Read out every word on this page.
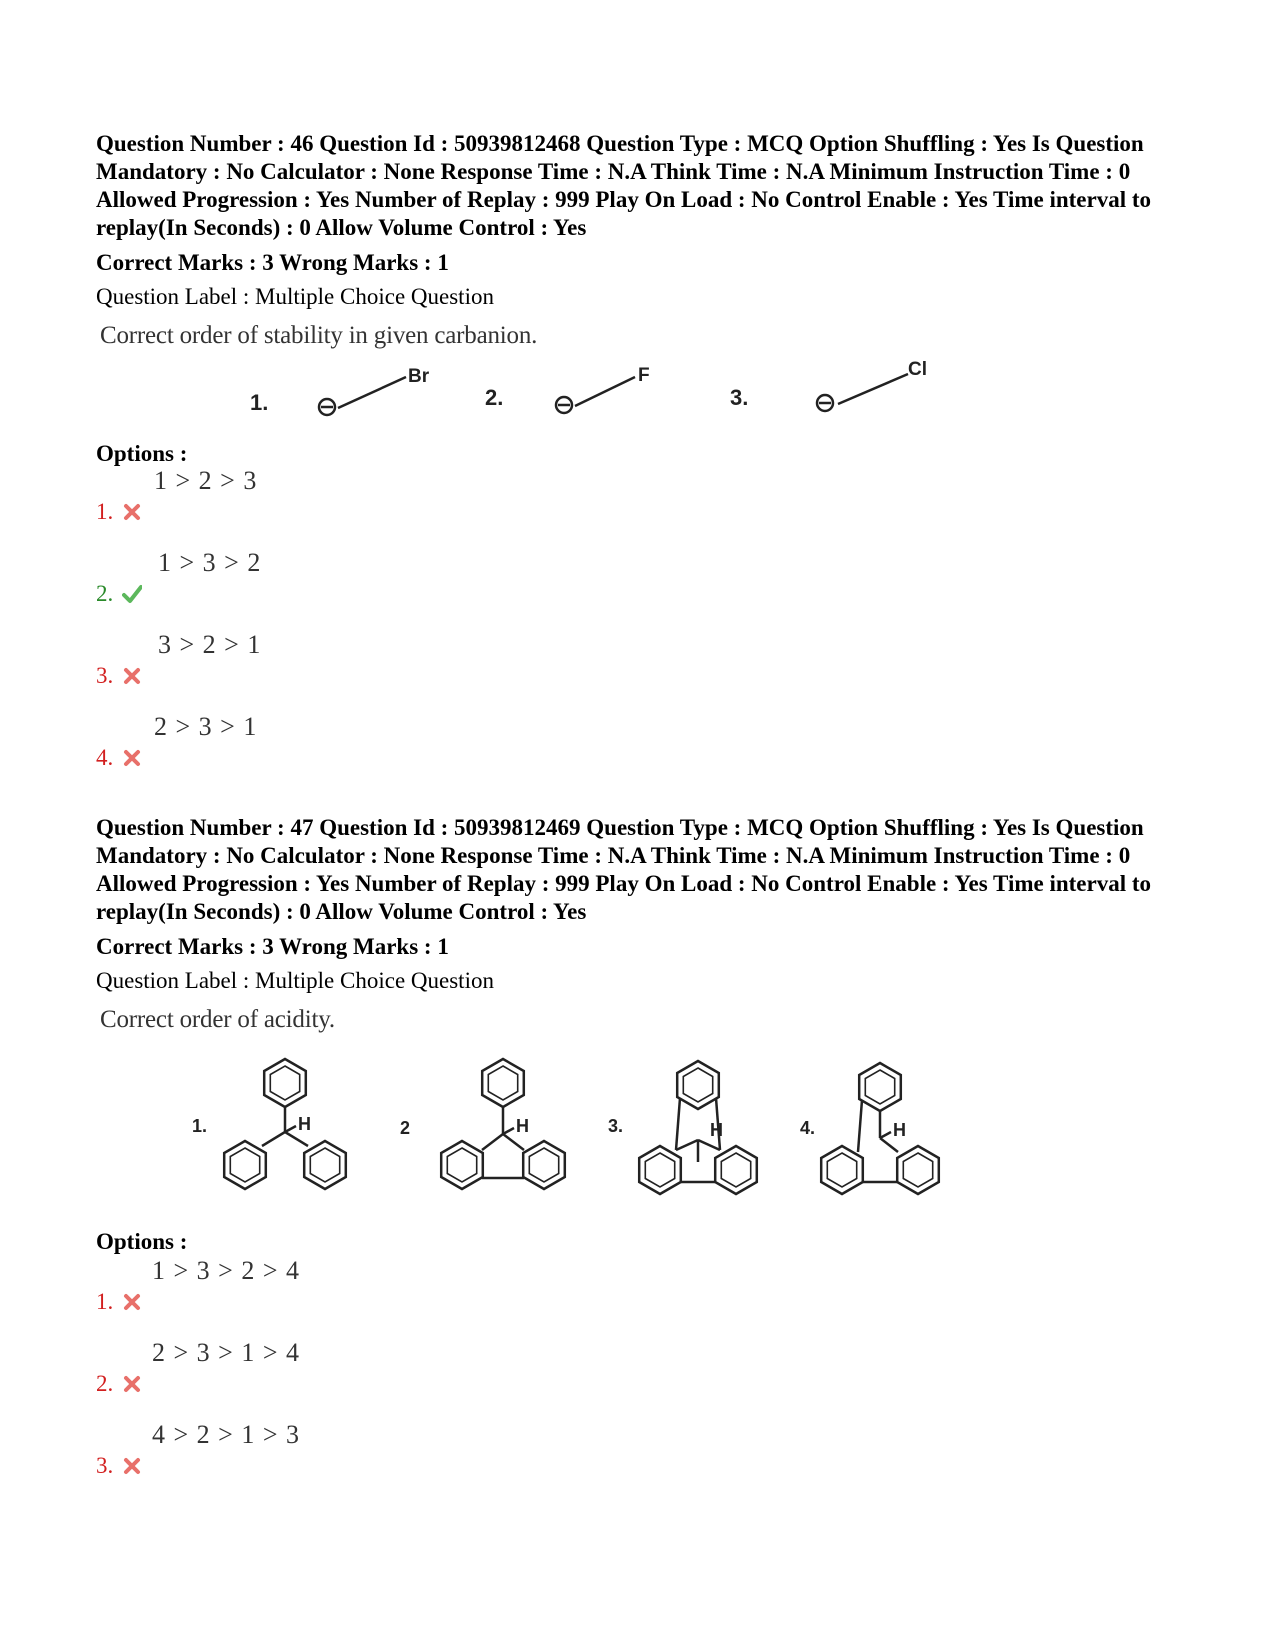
Question Number : 46 Question Id : 50939812468 Question Type : MCQ Option Shuffling : Yes Is Question Mandatory : No Calculator : None Response Time : N.A Think Time : N.A Minimum Instruction Time : 0 Allowed Progression : Yes Number of Replay : 999 Play On Load : No Control Enable : Yes Time interval to replay(In Seconds) : 0 Allow Volume Control : Yes

Correct Marks : 3 Wrong Marks : 1
Question Label : Multiple Choice Question
Correct order of stability in given carbanion.
1.	2.	3.
Br	F	Cl
Options :
1.
1 > 2 > 3
2.
1 > 3 > 2
3.
3 > 2 > 1
4.
2 > 3 > 1

Question Number : 47 Question Id : 50939812469 Question Type : MCQ Option Shuffling : Yes Is Question Mandatory : No Calculator : None Response Time : N.A Think Time : N.A Minimum Instruction Time : 0 Allowed Progression : Yes Number of Replay : 999 Play On Load : No Control Enable : Yes Time interval to replay(In Seconds) : 0 Allow Volume Control : Yes

Correct Marks : 3 Wrong Marks : 1
Question Label : Multiple Choice Question
Correct order of acidity.
1.	2	3.	4.
H	H	H	H
Options :
1.
1 > 3 > 2 > 4
2.
2 > 3 > 1 > 4
3.
4 > 2 > 1 > 3
